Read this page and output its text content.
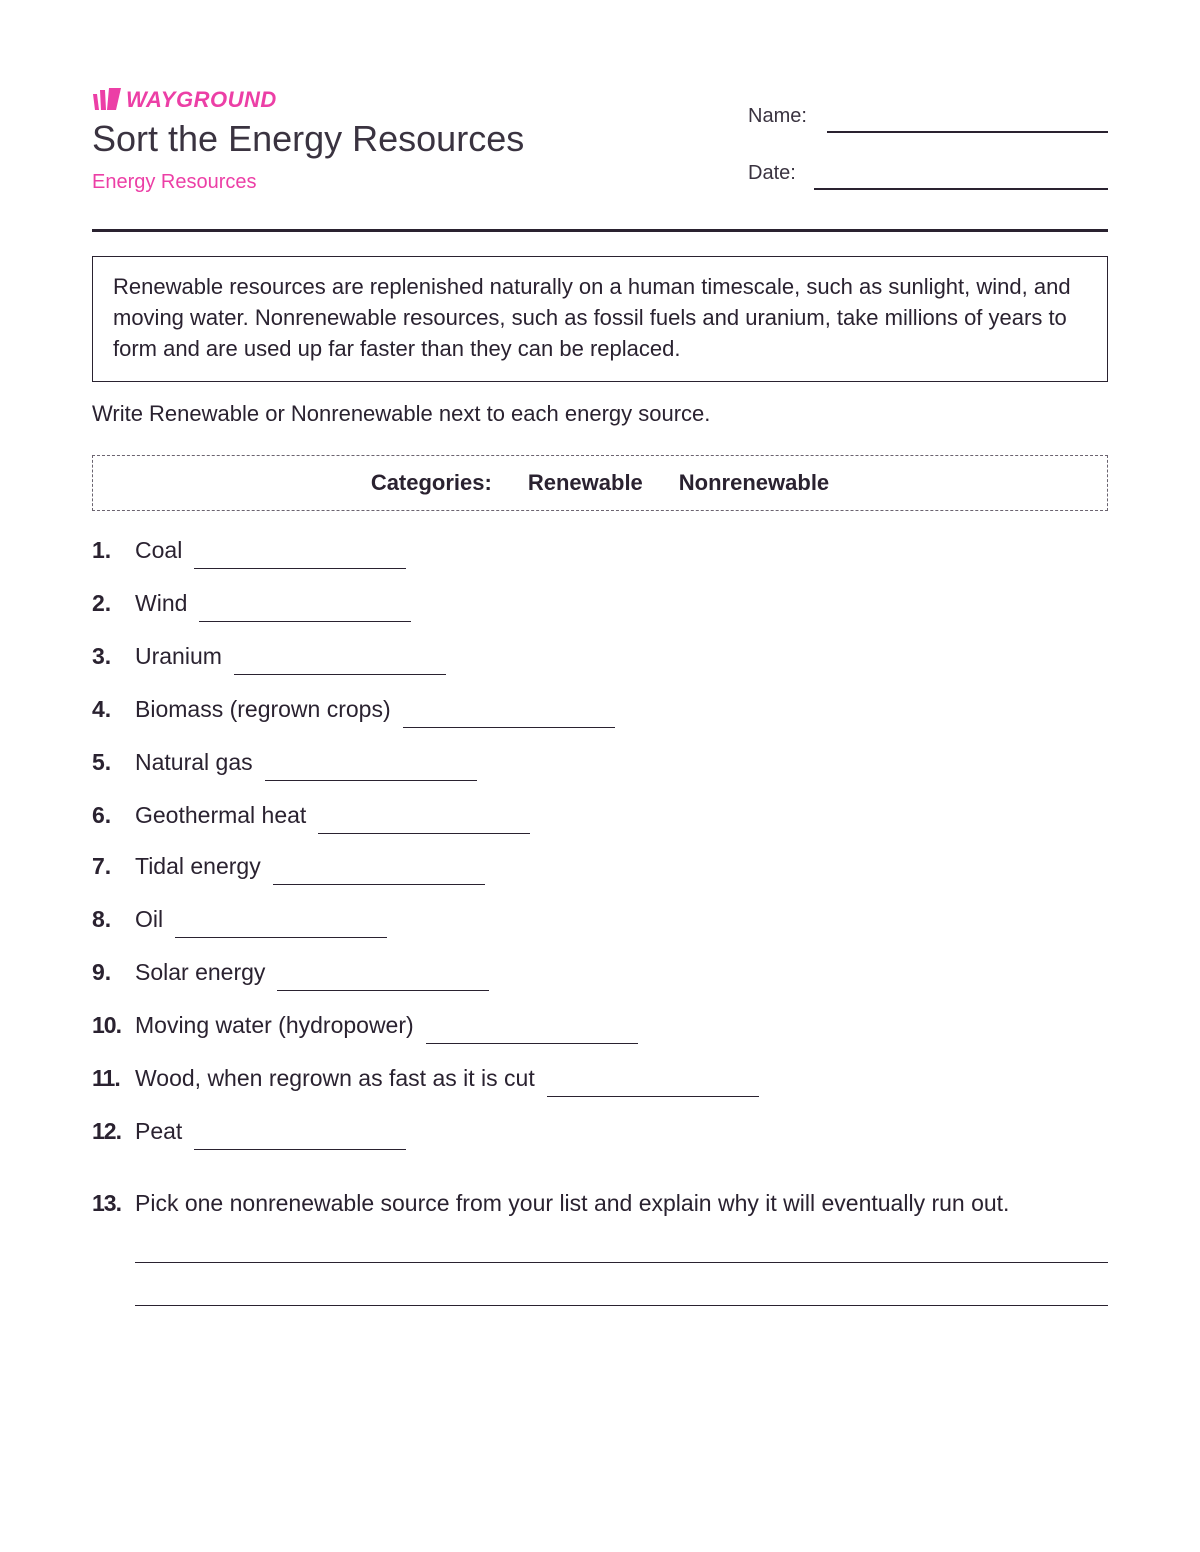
WAYGROUND
Sort the Energy Resources
Energy Resources
Name:
Date:
Renewable resources are replenished naturally on a human timescale, such as sunlight, wind, and moving water. Nonrenewable resources, such as fossil fuels and uranium, take millions of years to form and are used up far faster than they can be replaced.
Write Renewable or Nonrenewable next to each energy source.
Categories: Renewable Nonrenewable
1.	Coal
2.	Wind
3.	Uranium
4.	Biomass (regrown crops)
5.	Natural gas
6.	Geothermal heat
7.	Tidal energy
8.	Oil
9.	Solar energy
10. Moving water (hydropower)
11. Wood, when regrown as fast as it is cut
12. Peat
13. Pick one nonrenewable source from your list and explain why it will eventually run out.
